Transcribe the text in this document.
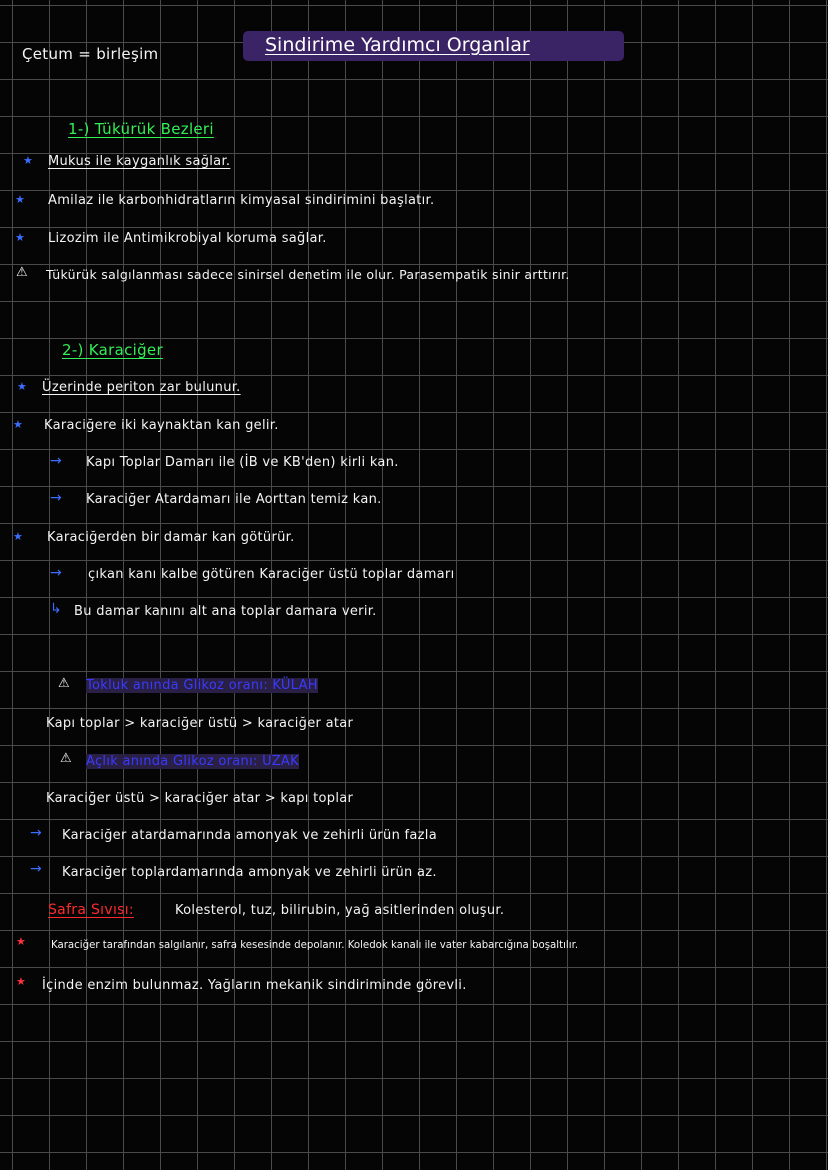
Sindirime Yardımcı Organlar
Çetum = birleşim
1-) Tükürük Bezleri
★ Mukus ile kayganlık sağlar.
★ Amilaz ile karbonhidratların kimyasal sindirimini başlatır.
★ Lizozim ile Antimikrobiyal koruma sağlar.
⚠ Tükürük salgılanması sadece sinirsel denetim ile olur. Parasempatik sinir arttırır.
2-) Karaciğer
★ Üzerinde periton zar bulunur.
★ Karaciğere iki kaynaktan kan gelir.
→ Kapı Toplar Damarı ile (İB ve KB'den) kirli kan.
→ Karaciğer Atardamarı ile Aorttan temiz kan.
★ Karaciğerden bir damar kan götürür.
→ çıkan kanı kalbe götüren Karaciğer üstü toplar damarı
↳ Bu damar kanını alt ana toplar damara verir.
⚠ Tokluk anında Glikoz oranı: KÜLAH
Kapı toplar > karaciğer üstü > karaciğer atar
⚠ Açlık anında Glikoz oranı: UZAK
Karaciğer üstü > karaciğer atar > kapı toplar
→ Karaciğer atardamarında amonyak ve zehirli ürün fazla
→ Karaciğer toplardamarında amonyak ve zehirli ürün az.
Safra Sıvısı:	Kolesterol, tuz, bilirubin, yağ asitlerinden oluşur.
★ Karaciğer tarafından salgılanır, safra kesesinde depolanır. Koledok kanalı ile vater kabarcığına boşaltılır.
★ İçinde enzim bulunmaz. Yağların mekanik sindiriminde görevli.
